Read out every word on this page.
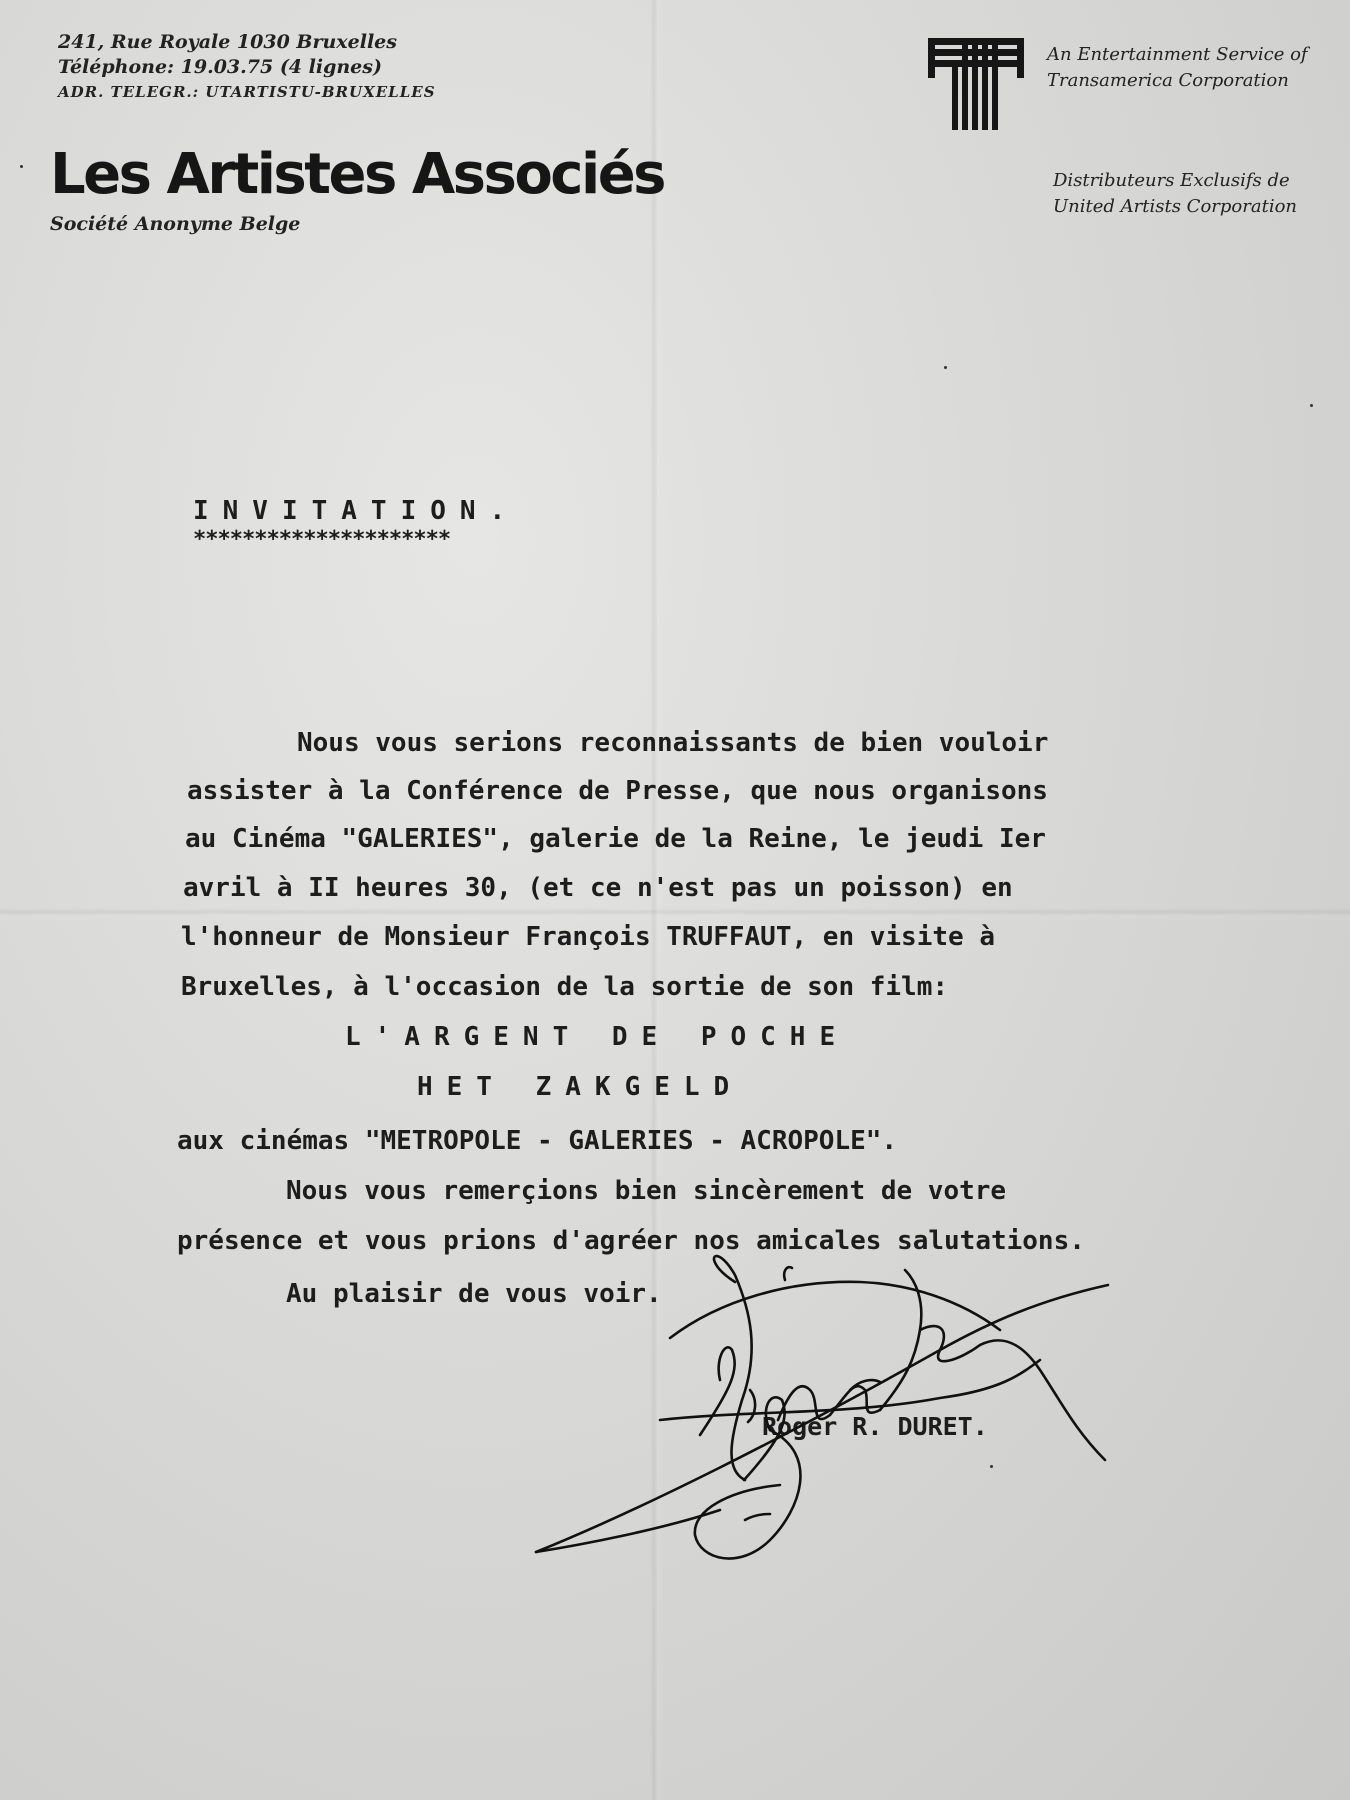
241, Rue Royale 1030 Bruxelles
Téléphone: 19.03.75 (4 lignes)
ADR. TELEGR.: UTARTISTU-BRUXELLES
Les Artistes Associés
Société Anonyme Belge
An Entertainment Service of
Transamerica Corporation
Distributeurs Exclusifs de
United Artists Corporation
INVITATION.
*********************
Nous vous serions reconnaissants de bien vouloir
assister à la Conférence de Presse, que nous organisons
au Cinéma "GALERIES", galerie de la Reine, le jeudi Ier
avril à II heures 30, (et ce n'est pas un poisson) en
l'honneur de Monsieur François TRUFFAUT, en visite à
Bruxelles, à l'occasion de la sortie de son film:
L'ARGENT DE POCHE
HET ZAKGELD
aux cinémas "METROPOLE - GALERIES - ACROPOLE".
Nous vous remerçions bien sincèrement de votre
présence et vous prions d'agréer nos amicales salutations.
Au plaisir de vous voir.
Roger R. DURET.
